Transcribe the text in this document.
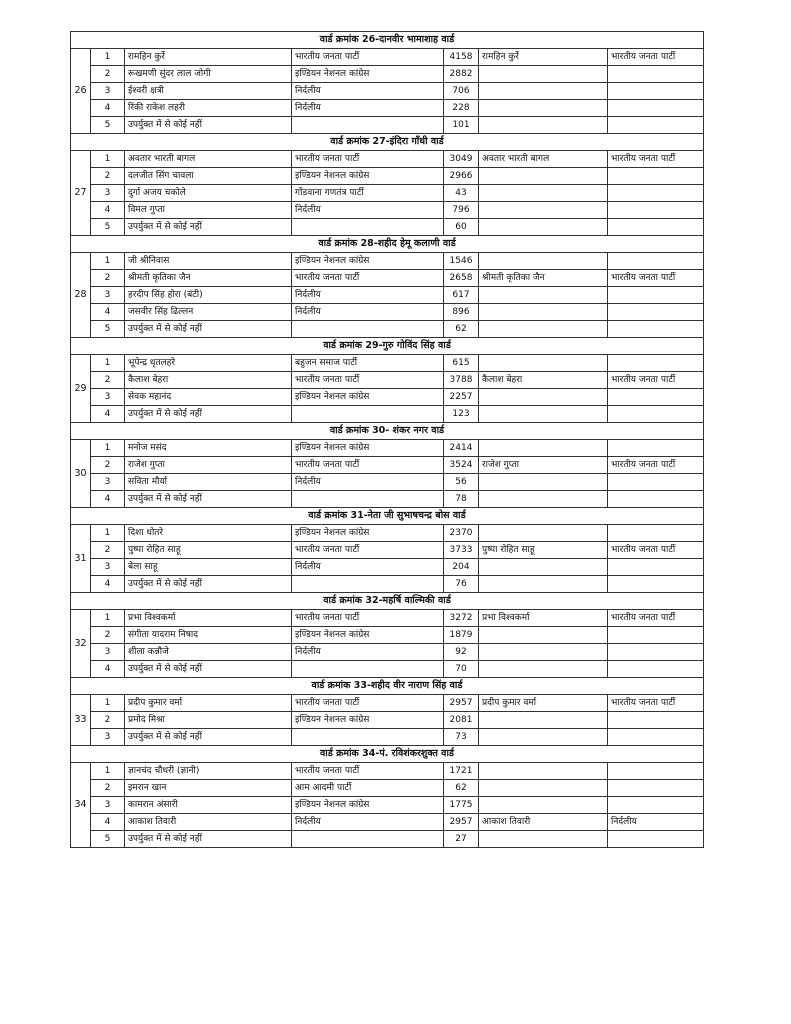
वार्ड क्रमांक 26-दानवीर भामाशाह वार्ड						
26	1	रामहिन कुर्रे	भारतीय जनता पार्टी	4158	रामहिन कुर्रे	भारतीय जनता पार्टी
	2	रूखमणी सुंदर लाल जोगी	इण्डियन नेशनल कांग्रेस	2882		
	3	ईश्वरी क्षत्री	निर्दलीय	706		
	4	रिंकी राकेश लहरी	निर्दलीय	228		
	5	उपर्युक्त में से कोई नहीं		101		
वार्ड क्रमांक 27-इंदिरा गाँधी वार्ड						
27	1	अवतार भारती बागल	भारतीय जनता पार्टी	3049	अवतार भारती बागल	भारतीय जनता पार्टी
	2	दलजीत सिंग चावला	इण्डियन नेशनल कांग्रेस	2966		
	3	दुर्गा अजय चकोले	गोंडवाना गणतंत्र पार्टी	43		
	4	विमल गुप्ता	निर्दलीय	796		
	5	उपर्युक्त में से कोई नहीं		60		
वार्ड क्रमांक 28-शहीद हेमू कलाणी वार्ड						
28	1	जी श्रीनिवास	इण्डियन नेशनल कांग्रेस	1546		
	2	श्रीमती कृतिका जैन	भारतीय जनता पार्टी	2658	श्रीमती कृतिका जैन	भारतीय जनता पार्टी
	3	हरदीप सिंह होरा (बंटी)	निर्दलीय	617		
	4	जसवीर सिंह ढिल्लन	निर्दलीय	896		
	5	उपर्युक्त में से कोई नहीं		62		
वार्ड क्रमांक 29-गुरु गोविंद सिंह वार्ड						
29	1	भूपेन्द्र धृतलहरे	बहुजन समाज पार्टी	615		
	2	कैलाश बेहरा	भारतीय जनता पार्टी	3788	कैलाश बेहरा	भारतीय जनता पार्टी
	3	सेवक महानंद	इण्डियन नेशनल कांग्रेस	2257		
	4	उपर्युक्त में से कोई नहीं		123		
वार्ड क्रमांक 30- शंकर नगर वार्ड						
30	1	मनोज मसंद	इण्डियन नेशनल कांग्रेस	2414		
	2	राजेश गुप्ता	भारतीय जनता पार्टी	3524	राजेश गुप्ता	भारतीय जनता पार्टी
	3	सविता मौर्या	निर्दलीय	56		
	4	उपर्युक्त में से कोई नहीं		78		
वार्ड क्रमांक 31-नेता जी सुभाषचन्द्र बोस वार्ड						
31	1	दिशा धोतरे	इण्डियन नेशनल कांग्रेस	2370		
	2	पुष्पा रोहित साहू	भारतीय जनता पार्टी	3733	पुष्पा रोहित साहू	भारतीय जनता पार्टी
	3	बेला साहू	निर्दलीय	204		
	4	उपर्युक्त में से कोई नहीं		76		
वार्ड क्रमांक 32-महर्षि वाल्मिकी वार्ड						
32	1	प्रभा विश्वकर्मा	भारतीय जनता पार्टी	3272	प्रभा विश्वकर्मा	भारतीय जनता पार्टी
	2	संगीता यादराम निषाद	इण्डियन नेशनल कांग्रेस	1879		
	3	शीला कन्नौजे	निर्दलीय	92		
	4	उपर्युक्त में से कोई नहीं		70		
वार्ड क्रमांक 33-शहीद वीर नाराण सिंह वार्ड						
33	1	प्रदीप कुमार वर्मा	भारतीय जनता पार्टी	2957	प्रदीप कुमार वर्मा	भारतीय जनता पार्टी
	2	प्रमोद मिश्रा	इण्डियन नेशनल कांग्रेस	2081		
	3	उपर्युक्त में से कोई नहीं		73		
वार्ड क्रमांक 34-पं. रविशंकरशुक्त वार्ड						
34	1	ज्ञानचंद चौधरी (ज्ञानी)	भारतीय जनता पार्टी	1721		
	2	इमरान खान	आम आदमी पार्टी	62		
	3	कामरान अंसारी	इण्डियन नेशनल कांग्रेस	1775		
	4	आकाश तिवारी	निर्दलीय	2957	आकाश तिवारी	निर्दलीय
	5	उपर्युक्त में से कोई नहीं		27		
